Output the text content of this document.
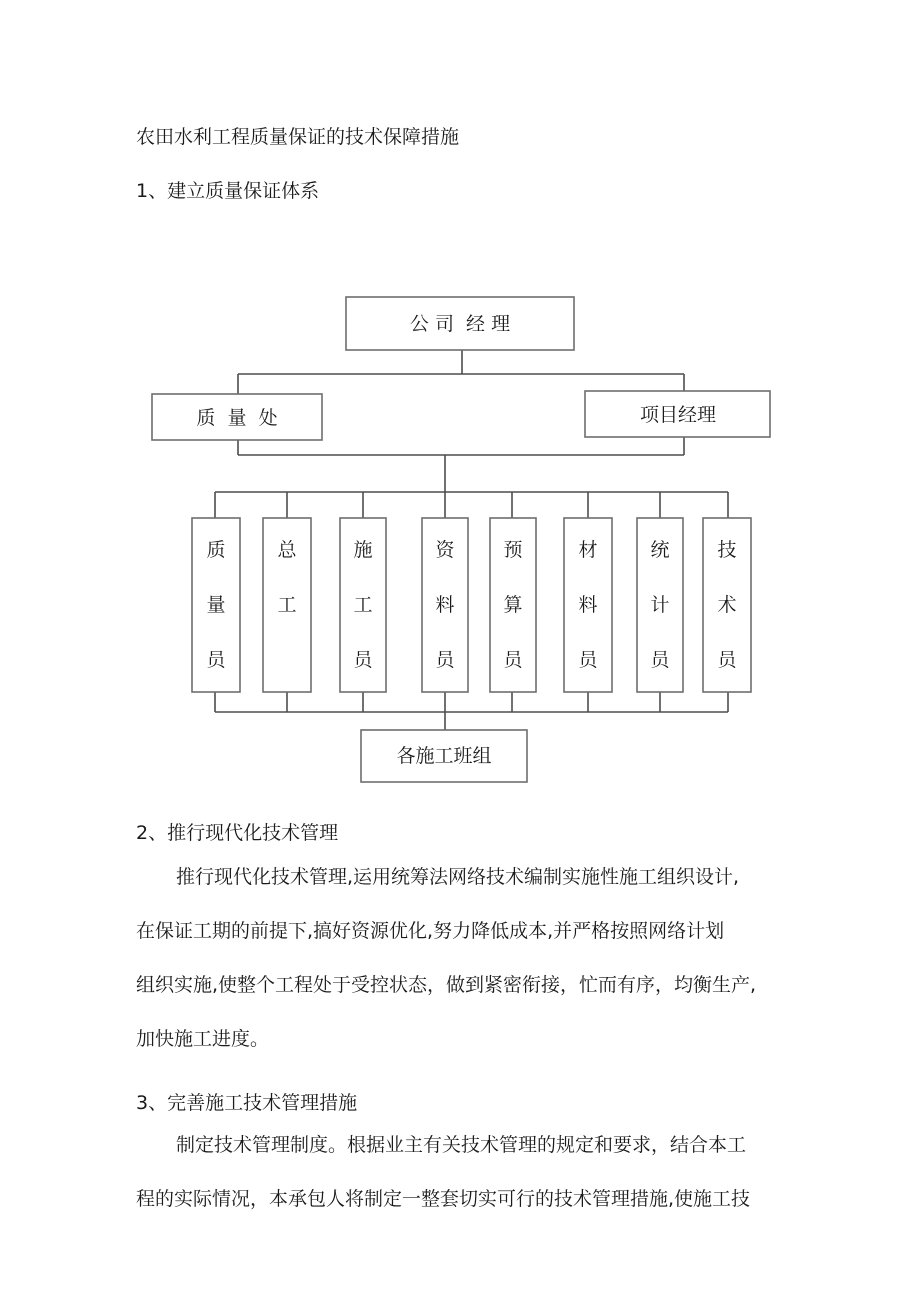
农田水利工程质量保证的技术保障措施
1、建立质量保证体系
公 司  经 理
质  量  处	项目经理
质量员
总工
施工员
资料员
预算员
材料员
统计员
技术员
各施工班组
2、推行现代化技术管理
推行现代化技术管理,运用统筹法网络技术编制实施性施工组织设计,
在保证工期的前提下,搞好资源优化,努力降低成本,并严格按照网络计划
组织实施,使整个工程处于受控状态，做到紧密衔接，忙而有序，均衡生产,
加快施工进度。
3、完善施工技术管理措施
制定技术管理制度。根据业主有关技术管理的规定和要求，结合本工
程的实际情况，本承包人将制定一整套切实可行的技术管理措施,使施工技
